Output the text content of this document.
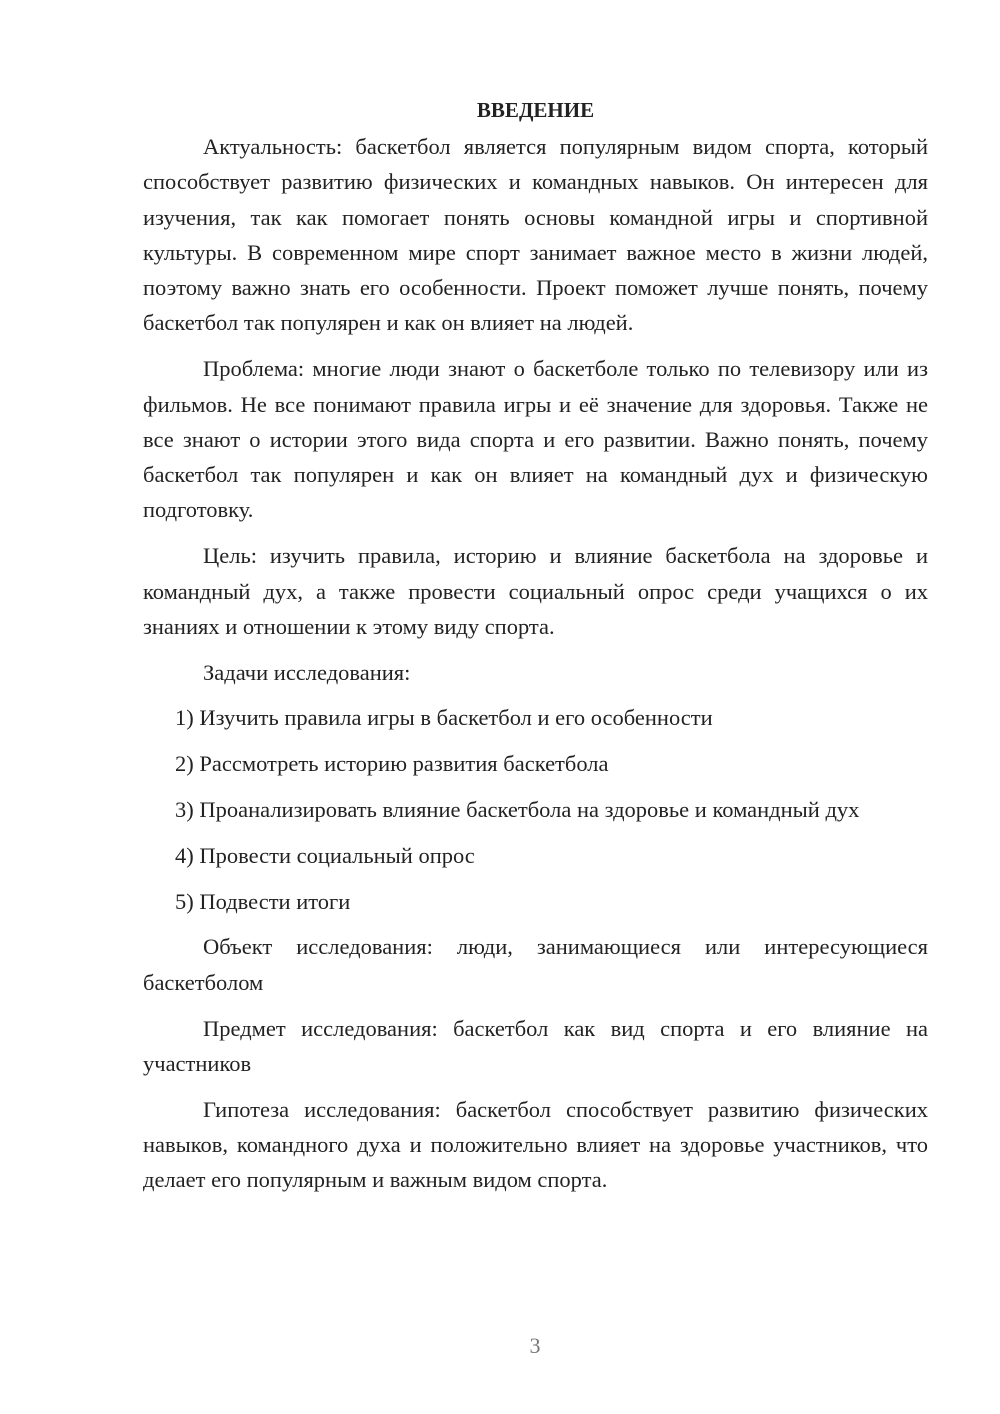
ВВЕДЕНИЕ

Актуальность: баскетбол является популярным видом спорта, который способствует развитию физических и командных навыков. Он интересен для изучения, так как помогает понять основы командной игры и спортивной культуры. В современном мире спорт занимает важное место в жизни людей, поэтому важно знать его особенности. Проект поможет лучше понять, почему баскетбол так популярен и как он влияет на людей.

Проблема: многие люди знают о баскетболе только по телевизору или из фильмов. Не все понимают правила игры и её значение для здоровья. Также не все знают о истории этого вида спорта и его развитии. Важно понять, почему баскетбол так популярен и как он влияет на командный дух и физическую подготовку.

Цель: изучить правила, историю и влияние баскетбола на здоровье и командный дух, а также провести социальный опрос среди учащихся о их знаниях и отношении к этому виду спорта.

Задачи исследования:

1) Изучить правила игры в баскетбол и его особенности

2) Рассмотреть историю развития баскетбола

3) Проанализировать влияние баскетбола на здоровье и командный дух

4) Провести социальный опрос

5) Подвести итоги

Объект исследования: люди, занимающиеся или интересующиеся баскетболом

Предмет исследования: баскетбол как вид спорта и его влияние на участников

Гипотеза исследования: баскетбол способствует развитию физических навыков, командного духа и положительно влияет на здоровье участников, что делает его популярным и важным видом спорта.

3
